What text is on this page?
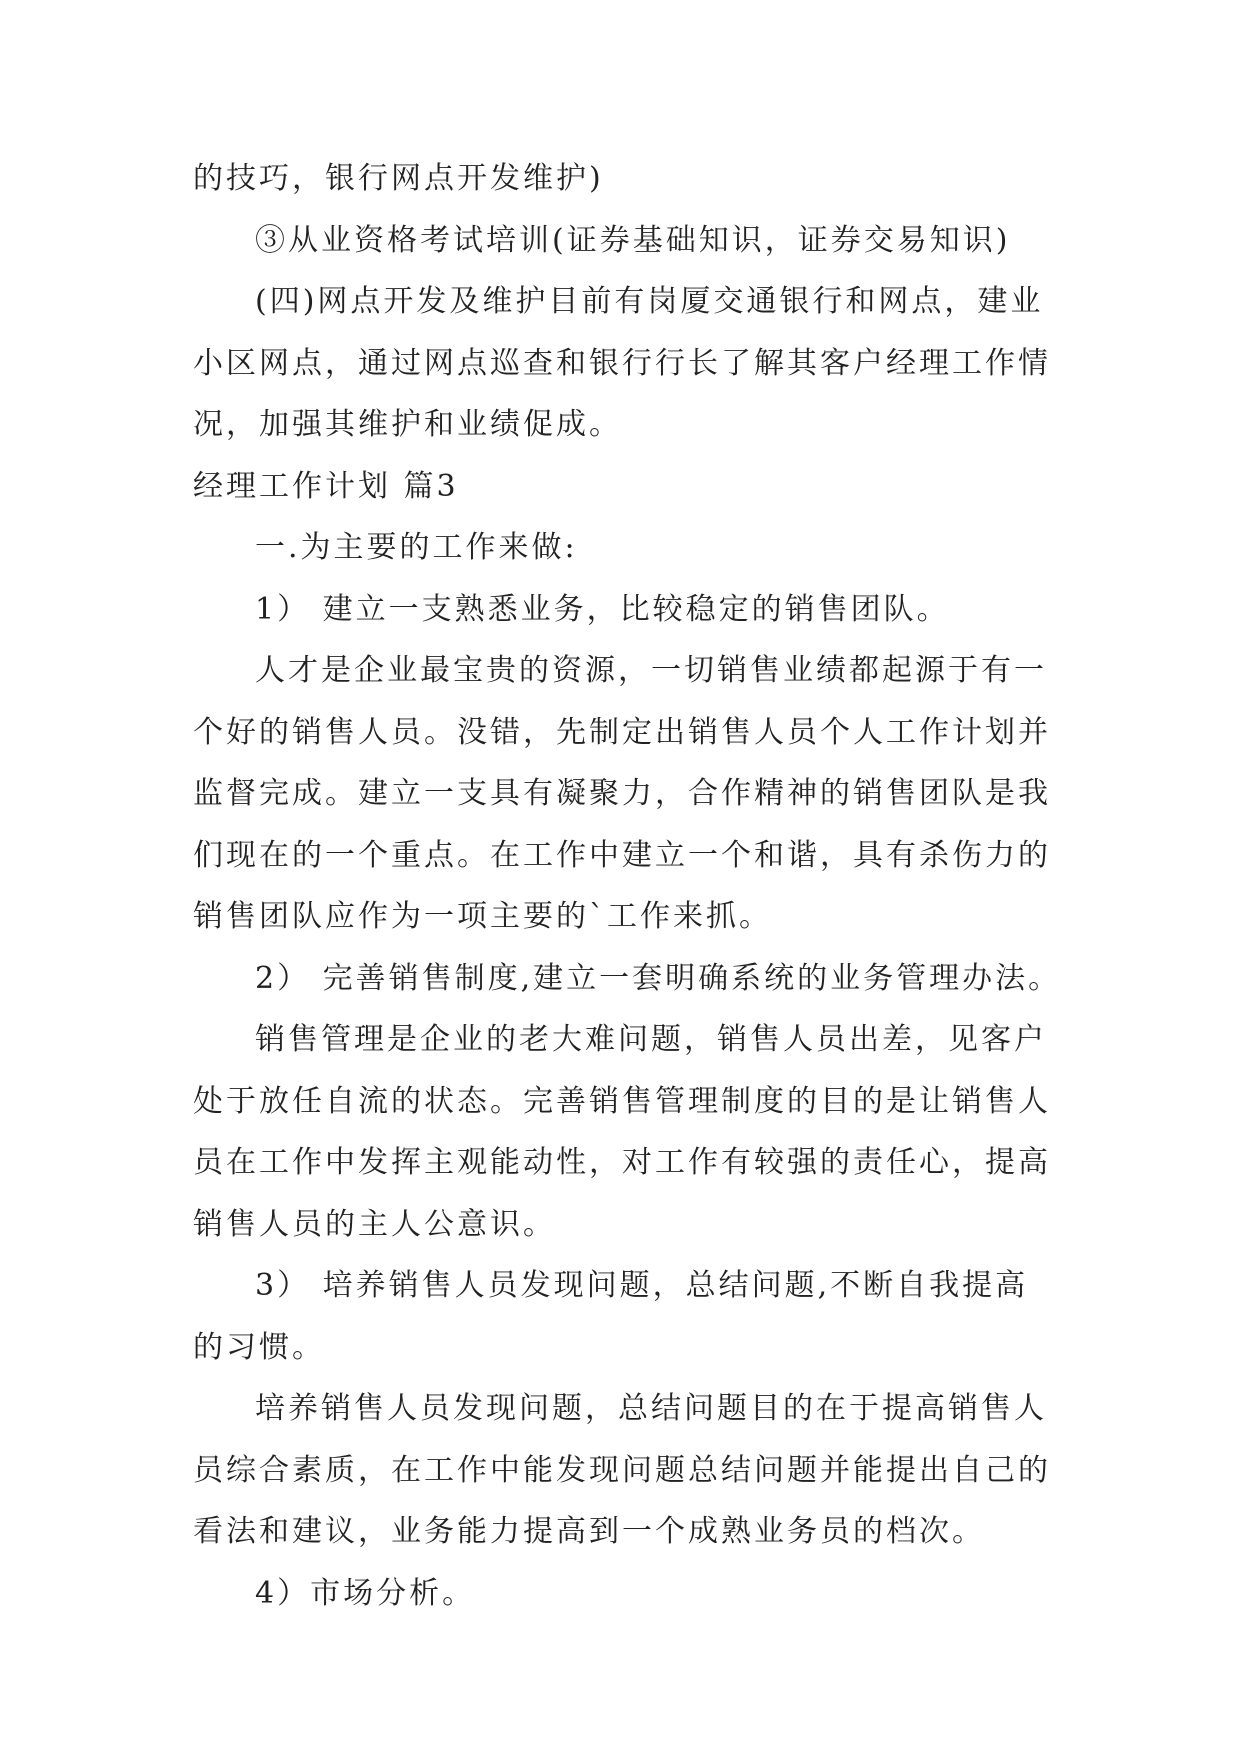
的技巧，银行网点开发维护)

③从业资格考试培训(证券基础知识，证券交易知识)

(四)网点开发及维护目前有岗厦交通银行和网点，建业

小区网点，通过网点巡查和银行行长了解其客户经理工作情

况，加强其维护和业绩促成。

经理工作计划 篇3

一.为主要的工作来做:

1） 建立一支熟悉业务，比较稳定的销售团队。

人才是企业最宝贵的资源，一切销售业绩都起源于有一

个好的销售人员。没错，先制定出销售人员个人工作计划并

监督完成。建立一支具有凝聚力，合作精神的销售团队是我

们现在的一个重点。在工作中建立一个和谐，具有杀伤力的

销售团队应作为一项主要的`工作来抓。

2） 完善销售制度,建立一套明确系统的业务管理办法。

销售管理是企业的老大难问题，销售人员出差，见客户

处于放任自流的状态。完善销售管理制度的目的是让销售人

员在工作中发挥主观能动性，对工作有较强的责任心，提高

销售人员的主人公意识。

3） 培养销售人员发现问题，总结问题,不断自我提高

的习惯。

培养销售人员发现问题，总结问题目的在于提高销售人

员综合素质，在工作中能发现问题总结问题并能提出自己的

看法和建议，业务能力提高到一个成熟业务员的档次。

4）市场分析。
